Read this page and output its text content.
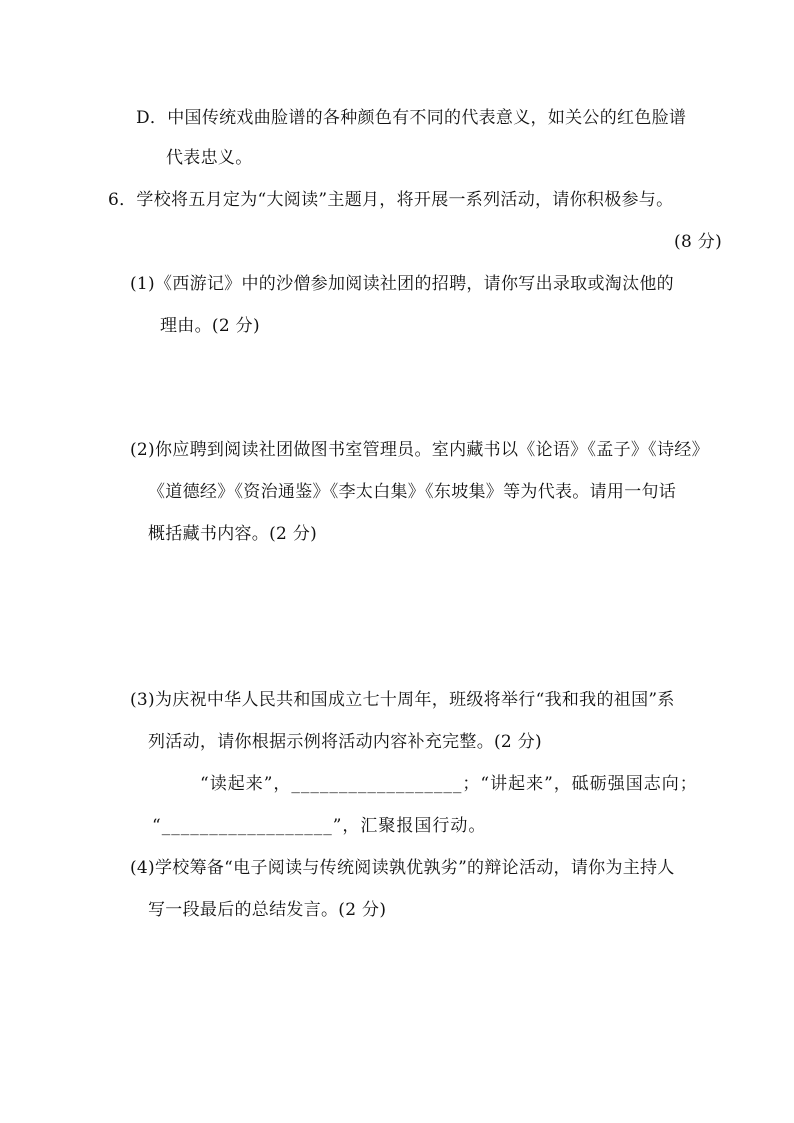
D．中国传统戏曲脸谱的各种颜色有不同的代表意义，如关公的红色脸谱
代表忠义。
6．学校将五月定为“大阅读”主题月，将开展一系列活动，请你积极参与。
(8 分)
(1)《西游记》中的沙僧参加阅读社团的招聘，请你写出录取或淘汰他的
理由。(2 分)
(2)你应聘到阅读社团做图书室管理员。室内藏书以《论语》《孟子》《诗经》
《道德经》《资治通鉴》《李太白集》《东坡集》等为代表。请用一句话
概括藏书内容。(2 分)
(3)为庆祝中华人民共和国成立七十周年，班级将举行“我和我的祖国”系
列活动，请你根据示例将活动内容补充完整。(2 分)
“读起来”，__________________；“讲起来”，砥砺强国志向；
“__________________”，汇聚报国行动。
(4)学校筹备“电子阅读与传统阅读孰优孰劣”的辩论活动，请你为主持人
写一段最后的总结发言。(2 分)
